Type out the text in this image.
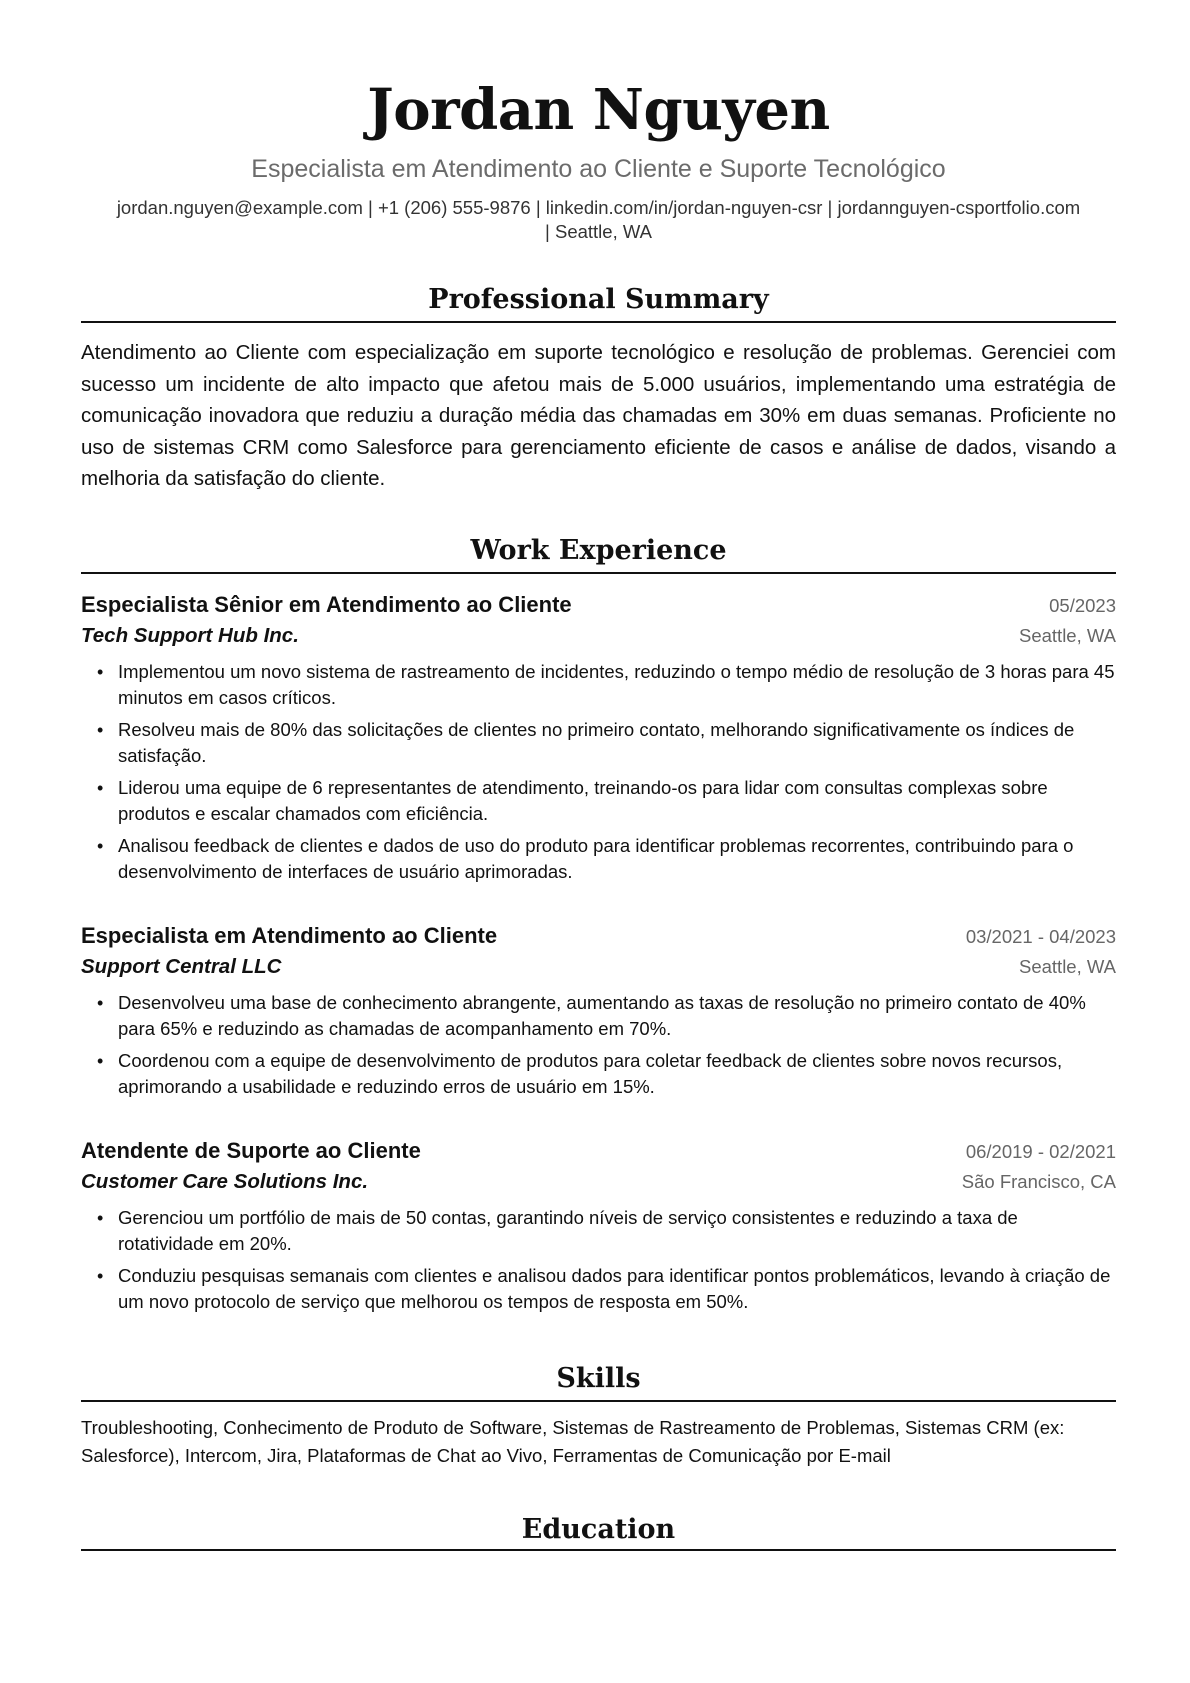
Jordan Nguyen
Especialista em Atendimento ao Cliente e Suporte Tecnológico
jordan.nguyen@example.com | +1 (206) 555-9876 | linkedin.com/in/jordan-nguyen-csr | jordannguyen-csportfolio.com
| Seattle, WA
Professional Summary

Atendimento ao Cliente com especialização em suporte tecnológico e resolução de problemas. Gerenciei com sucesso um incidente de alto impacto que afetou mais de 5.000 usuários, implementando uma estratégia de comunicação inovadora que reduziu a duração média das chamadas em 30% em duas semanas. Proficiente no uso de sistemas CRM como Salesforce para gerenciamento eficiente de casos e análise de dados, visando a melhoria da satisfação do cliente.

Work Experience
Especialista Sênior em Atendimento ao Cliente	05/2023
Tech Support Hub Inc.	Seattle, WA
• Implementou um novo sistema de rastreamento de incidentes, reduzindo o tempo médio de resolução de 3 horas para 45 minutos em casos críticos.
• Resolveu mais de 80% das solicitações de clientes no primeiro contato, melhorando significativamente os índices de satisfação.
• Liderou uma equipe de 6 representantes de atendimento, treinando-os para lidar com consultas complexas sobre produtos e escalar chamados com eficiência.
• Analisou feedback de clientes e dados de uso do produto para identificar problemas recorrentes, contribuindo para o desenvolvimento de interfaces de usuário aprimoradas.
Especialista em Atendimento ao Cliente	03/2021 - 04/2023
Support Central LLC	Seattle, WA
• Desenvolveu uma base de conhecimento abrangente, aumentando as taxas de resolução no primeiro contato de 40% para 65% e reduzindo as chamadas de acompanhamento em 70%.
• Coordenou com a equipe de desenvolvimento de produtos para coletar feedback de clientes sobre novos recursos, aprimorando a usabilidade e reduzindo erros de usuário em 15%.
Atendente de Suporte ao Cliente	06/2019 - 02/2021
Customer Care Solutions Inc.	São Francisco, CA
• Gerenciou um portfólio de mais de 50 contas, garantindo níveis de serviço consistentes e reduzindo a taxa de rotatividade em 20%.
• Conduziu pesquisas semanais com clientes e analisou dados para identificar pontos problemáticos, levando à criação de um novo protocolo de serviço que melhorou os tempos de resposta em 50%.
Skills
Troubleshooting, Conhecimento de Produto de Software, Sistemas de Rastreamento de Problemas, Sistemas CRM (ex: Salesforce), Intercom, Jira, Plataformas de Chat ao Vivo, Ferramentas de Comunicação por E-mail
Education
